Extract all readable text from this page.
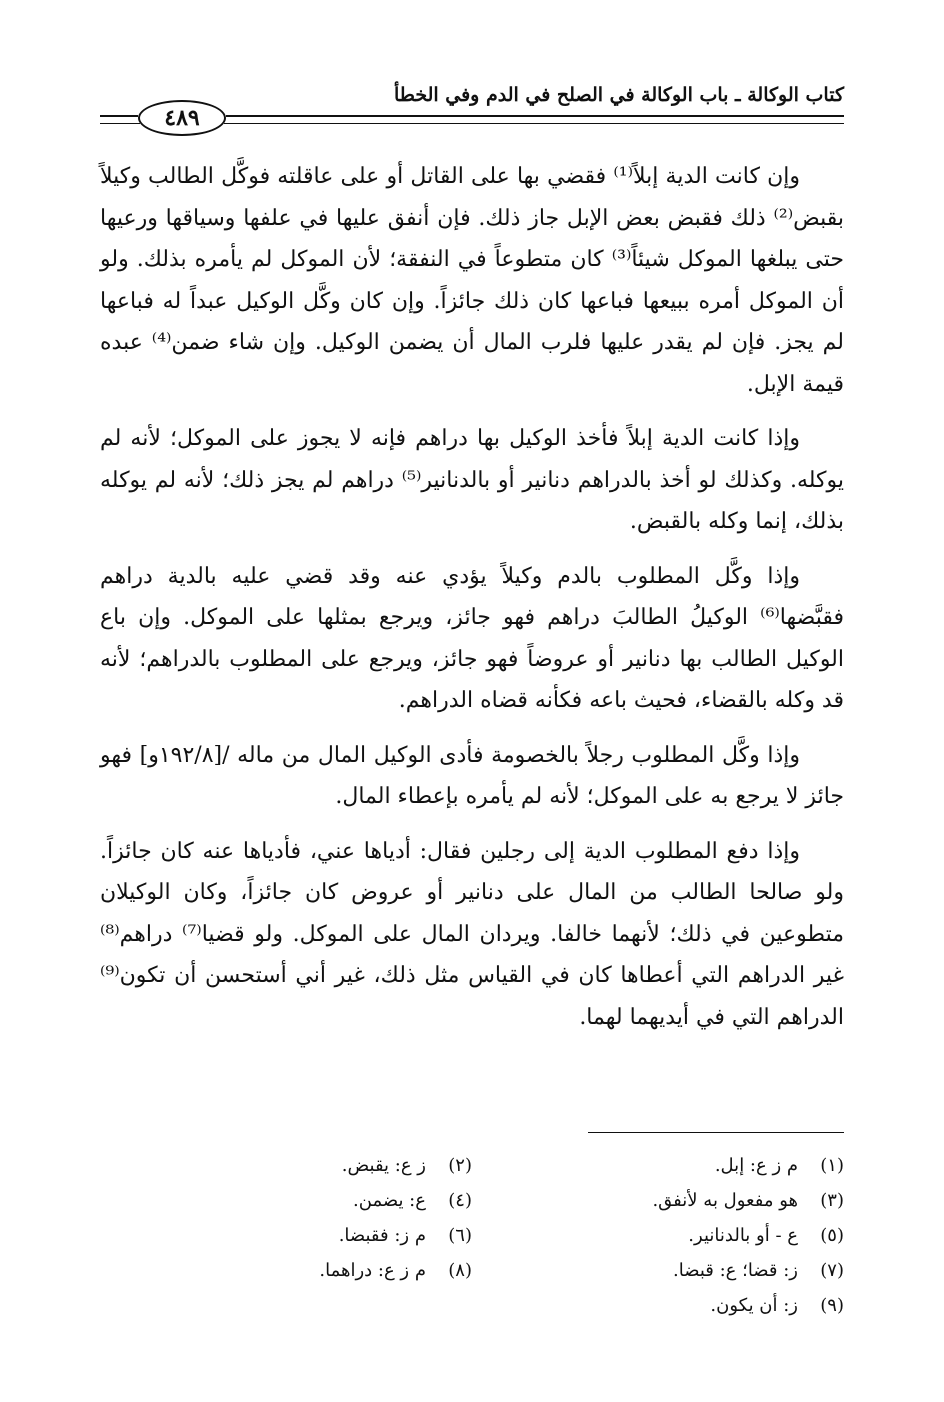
كتاب الوكالة ـ باب الوكالة في الصلح في الدم وفي الخطأ
٤٨٩

وإن كانت الدية إبلاً⁽¹⁾ فقضي بها على القاتل أو على عاقلته فوكَّل الطالب وكيلاً بقبض⁽²⁾ ذلك فقبض بعض الإبل جاز ذلك. فإن أنفق عليها في علفها وسياقها ورعيها حتى يبلغها الموكل شيئاً⁽³⁾ كان متطوعاً في النفقة؛ لأن الموكل لم يأمره بذلك. ولو أن الموكل أمره ببيعها فباعها كان ذلك جائزاً. وإن كان وكَّل الوكيل عبداً له فباعها لم يجز. فإن لم يقدر عليها فلرب المال أن يضمن الوكيل. وإن شاء ضمن⁽⁴⁾ عبده قيمة الإبل.

وإذا كانت الدية إبلاً فأخذ الوكيل بها دراهم فإنه لا يجوز على الموكل؛ لأنه لم يوكله. وكذلك لو أخذ بالدراهم دنانير أو بالدنانير⁽⁵⁾ دراهم لم يجز ذلك؛ لأنه لم يوكله بذلك، إنما وكله بالقبض.

وإذا وكَّل المطلوب بالدم وكيلاً يؤدي عنه وقد قضي عليه بالدية دراهم فقبَّضها⁽⁶⁾ الوكيلُ الطالبَ دراهم فهو جائز، ويرجع بمثلها على الموكل. وإن باع الوكيل الطالب بها دنانير أو عروضاً فهو جائز، ويرجع على المطلوب بالدراهم؛ لأنه قد وكله بالقضاء، فحيث باعه فكأنه قضاه الدراهم.

وإذا وكَّل المطلوب رجلاً بالخصومة فأدى الوكيل المال من ماله /[١٩٢/٨و] فهو جائز لا يرجع به على الموكل؛ لأنه لم يأمره بإعطاء المال.

وإذا دفع المطلوب الدية إلى رجلين فقال: أدياها عني، فأدياها عنه كان جائزاً. ولو صالحا الطالب من المال على دنانير أو عروض كان جائزاً، وكان الوكيلان متطوعين في ذلك؛ لأنهما خالفا. ويردان المال على الموكل. ولو قضيا⁽⁷⁾ دراهم⁽⁸⁾ غير الدراهم التي أعطاها كان في القياس مثل ذلك، غير أني أستحسن أن تكون⁽⁹⁾ الدراهم التي في أيديهما لهما.

(١)م ز ع: إبل.
(٢)ز ع: يقبض.
(٣)هو مفعول به لأنفق.
(٤)ع: يضمن.
(٥)ع - أو بالدنانير.
(٦)م ز: فقبضا.
(٧)ز: قضا؛ ع: قبضا.
(٨)م ز ع: دراهما.
(٩)ز: أن يكون.
